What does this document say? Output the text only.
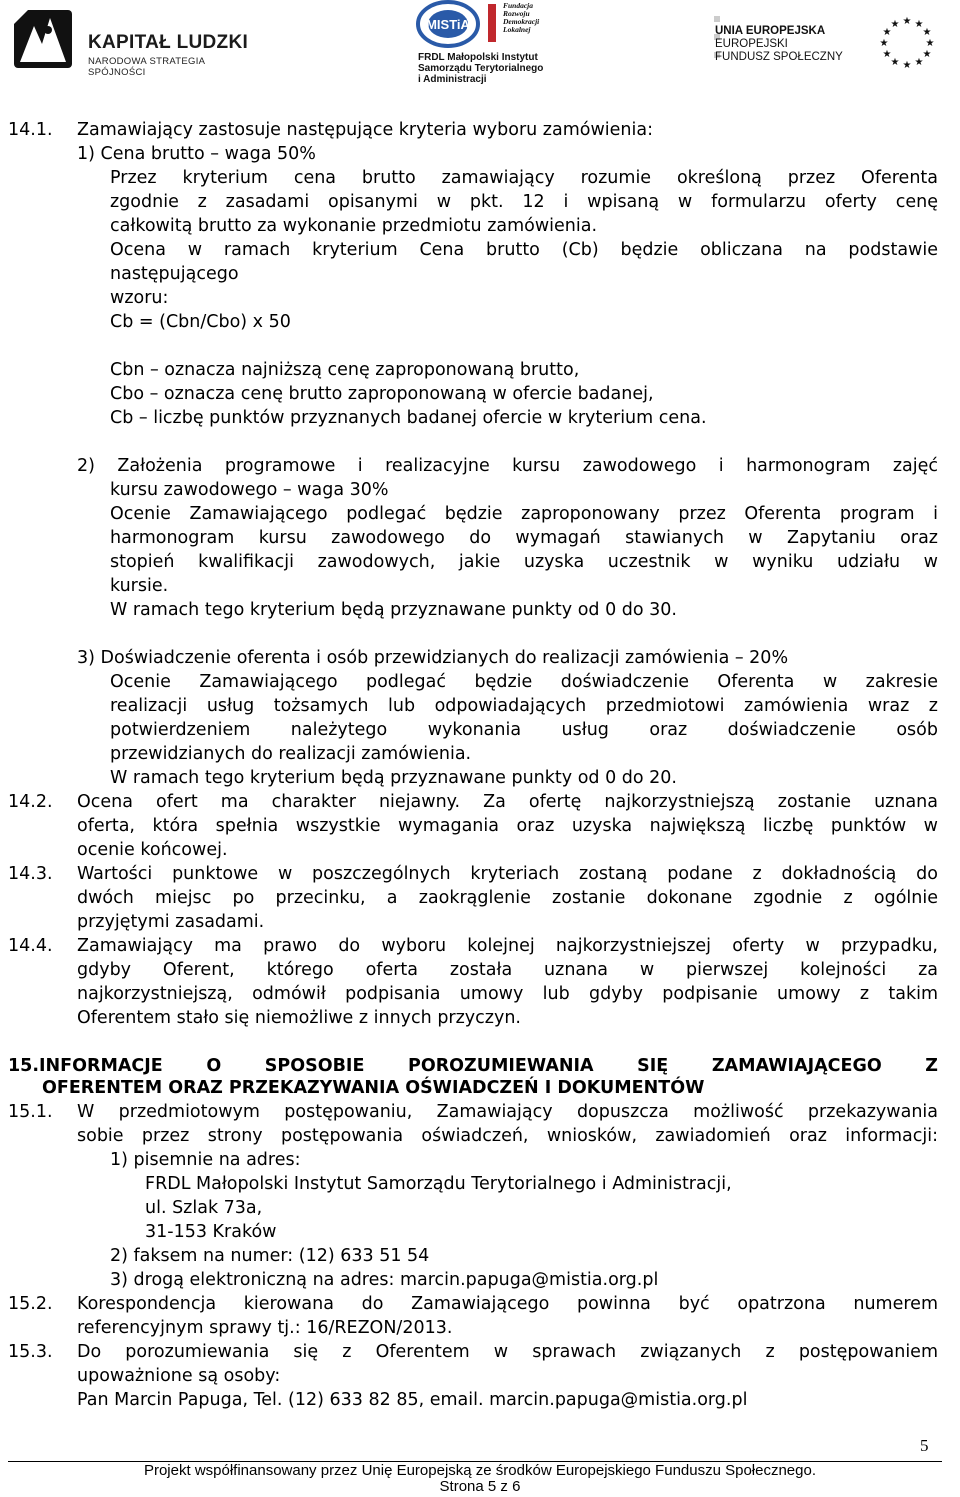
KAPITAŁ LUDZKI
NARODOWA STRATEGIA SPÓJNOŚCI
MISTiA
Fundacja Rozwoju
Demokracji Lokalnej
FRDL Małopolski Instytut
Samorządu Terytorialnego
i Administracji
UNIA EUROPEJSKA
EUROPEJSKI
FUNDUSZ SPOŁECZNY
★ ★
★
★
★
★
★
★
★
★
★
★
14.1. Zamawiający zastosuje następujące kryteria wyboru zamówienia:
1) Cena brutto – waga 50%
Przez kryterium cena brutto zamawiający rozumie określoną przez Oferenta
zgodnie z zasadami opisanymi w pkt. 12 i wpisaną w formularzu oferty cenę
całkowitą brutto za wykonanie przedmiotu zamówienia.
Ocena w ramach kryterium Cena brutto (Cb) będzie obliczana na podstawie
następującego
wzoru:
Cb = (Cbn/Cbo) x 50
Cbn – oznacza najniższą cenę zaproponowaną brutto,
Cbo – oznacza cenę brutto zaproponowaną w ofercie badanej,
Cb – liczbę punktów przyznanych badanej ofercie w kryterium cena.
2) Założenia programowe i realizacyjne kursu zawodowego i harmonogram zajęć
kursu zawodowego – waga 30%
Ocenie Zamawiającego podlegać będzie zaproponowany przez Oferenta program i
harmonogram kursu zawodowego do wymagań stawianych w Zapytaniu oraz
stopień kwalifikacji zawodowych, jakie uzyska uczestnik w wyniku udziału w
kursie.
W ramach tego kryterium będą przyznawane punkty od 0 do 30.
3) Doświadczenie oferenta i osób przewidzianych do realizacji zamówienia – 20%
Ocenie Zamawiającego podlegać będzie doświadczenie Oferenta w zakresie
realizacji usług tożsamych lub odpowiadających przedmiotowi zamówienia wraz z
potwierdzeniem należytego wykonania usług oraz doświadczenie osób
przewidzianych do realizacji zamówienia.
W ramach tego kryterium będą przyznawane punkty od 0 do 20.
14.2. Ocena ofert ma charakter niejawny. Za ofertę najkorzystniejszą zostanie uznana
oferta, która spełnia wszystkie wymagania oraz uzyska największą liczbę punktów w
ocenie końcowej.
14.3. Wartości punktowe w poszczególnych kryteriach zostaną podane z dokładnością do
dwóch miejsc po przecinku, a zaokrąglenie zostanie dokonane zgodnie z ogólnie
przyjętymi zasadami.
14.4. Zamawiający ma prawo do wyboru kolejnej najkorzystniejszej oferty w przypadku,
gdyby Oferent, którego oferta została uznana w pierwszej kolejności za
najkorzystniejszą, odmówił podpisania umowy lub gdyby podpisanie umowy z takim
Oferentem stało się niemożliwe z innych przyczyn.
15.INFORMACJE O SPOSOBIE POROZUMIEWANIA SIĘ ZAMAWIAJĄCEGO Z
OFERENTEM ORAZ PRZEKAZYWANIA OŚWIADCZEŃ I DOKUMENTÓW
15.1. W przedmiotowym postępowaniu, Zamawiający dopuszcza możliwość przekazywania
sobie przez strony postępowania oświadczeń, wniosków, zawiadomień oraz informacji:
1) pisemnie na adres:
FRDL Małopolski Instytut Samorządu Terytorialnego i Administracji,
ul. Szlak 73a,
31-153 Kraków
2) faksem na numer: (12) 633 51 54
3) drogą elektroniczną na adres: marcin.papuga@mistia.org.pl
15.2. Korespondencja kierowana do Zamawiającego powinna być opatrzona numerem
referencyjnym sprawy tj.: 16/REZON/2013.
15.3. Do porozumiewania się z Oferentem w sprawach związanych z postępowaniem
upoważnione są osoby:
Pan Marcin Papuga, Tel. (12) 633 82 85, email. marcin.papuga@mistia.org.pl
5
Projekt współfinansowany przez Unię Europejską ze środków Europejskiego Funduszu Społecznego.
Strona 5 z 6
